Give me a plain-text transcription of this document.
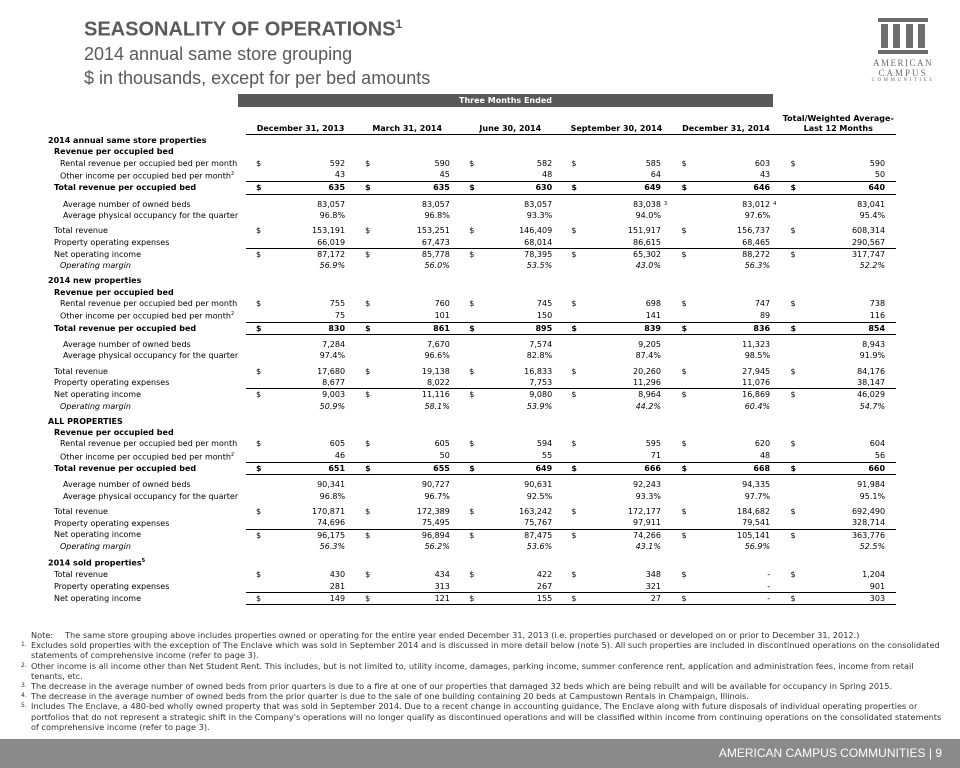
SEASONALITY OF OPERATIONS$^1$
2014 annual same store grouping
$ in thousands, except for per bed amounts
AMERICAN
CAMPUS
COMMUNITIES
Three Months Ended
	December 31, 2013			March 31, 2014			June 30, 2014			September 30, 2014			December 31, 2014			Total/Weighted Average-
Last 12 Months		

2014 annual same store properties																		
Revenue per occupied bed																		
Rental revenue per occupied bed per month	$	592		$	590		$	582		$	585		$	603		$	590	
Other income per occupied bed per month$^2$		43			45			48			64			43			50	
Total revenue per occupied bed	$	635		$	635		$	630		$	649		$	646		$	640	

Average number of owned beds		83,057			83,057			83,057			83,038	3		83,012	4		83,041	
Average physical occupancy for the quarter		96.8%			96.8%			93.3%			94.0%			97.6%			95.4%	

Total revenue	$	153,191		$	153,251		$	146,409		$	151,917		$	156,737		$	608,314	
Property operating expenses		66,019			67,473			68,014			86,615			68,465			290,567	
Net operating income	$	87,172		$	85,778		$	78,395		$	65,302		$	88,272		$	317,747	
Operating margin		56.9%			56.0%			53.5%			43.0%			56.3%			52.2%	

2014 new properties																		
Revenue per occupied bed																		
Rental revenue per occupied bed per month	$	755		$	760		$	745		$	698		$	747		$	738	
Other income per occupied bed per month$^2$		75			101			150			141			89			116	
Total revenue per occupied bed	$	830		$	861		$	895		$	839		$	836		$	854	

Average number of owned beds		7,284			7,670			7,574			9,205			11,323			8,943	
Average physical occupancy for the quarter		97.4%			96.6%			82.8%			87.4%			98.5%			91.9%	

Total revenue	$	17,680		$	19,138		$	16,833		$	20,260		$	27,945		$	84,176	
Property operating expenses		8,677			8,022			7,753			11,296			11,076			38,147	
Net operating income	$	9,003		$	11,116		$	9,080		$	8,964		$	16,869		$	46,029	
Operating margin		50.9%			58.1%			53.9%			44.2%			60.4%			54.7%	

ALL PROPERTIES																		
Revenue per occupied bed																		
Rental revenue per occupied bed per month	$	605		$	605		$	594		$	595		$	620		$	604	
Other income per occupied bed per month$^2$		46			50			55			71			48			56	
Total revenue per occupied bed	$	651		$	655		$	649		$	666		$	668		$	660	

Average number of owned beds		90,341			90,727			90,631			92,243			94,335			91,984	
Average physical occupancy for the quarter		96.8%			96.7%			92.5%			93.3%			97.7%			95.1%	

Total revenue	$	170,871		$	172,389		$	163,242		$	172,177		$	184,682		$	692,490	
Property operating expenses		74,696			75,495			75,767			97,911			79,541			328,714	
Net operating income	$	96,175		$	96,894		$	87,475		$	74,266		$	105,141		$	363,776	
Operating margin		56.3%			56.2%			53.6%			43.1%			56.9%			52.5%	

2014 sold properties$^5$
Total revenue	$	430		$	434		$	422		$	348		$	-		$	1,204	
Property operating expenses		281			313			267			321			-			901	
Net operating income	$	149		$	121		$	155		$	27		$	-		$	303	
Note:	The same store grouping above includes properties owned or operating for the entire year ended December 31, 2013 (i.e. properties purchased or developed on or prior to December 31, 2012.)
1. Excludes sold properties with the exception of The Enclave which was sold in September 2014 and is discussed in more detail below (note 5). All such properties are included in discontinued operations on the consolidated statements of comprehensive income (refer to page 3).
2. Other income is all income other than Net Student Rent. This includes, but is not limited to, utility income, damages, parking income, summer conference rent, application and administration fees, income from retail tenants, etc.
3. The decrease in the average number of owned beds from prior quarters is due to a fire at one of our properties that damaged 32 beds which are being rebuilt and will be available for occupancy in Spring 2015.
4. The decrease in the average number of owned beds from the prior quarter is due to the sale of one building containing 20 beds at Campustown Rentals in Champaign, Illinois.
5. Includes The Enclave, a 480-bed wholly owned property that was sold in September 2014. Due to a recent change in accounting guidance, The Enclave along with future disposals of individual operating properties or portfolios that do not represent a strategic shift in the Company's operations will no longer qualify as discontinued operations and will be classified within income from continuing operations on the consolidated statements of comprehensive income (refer to page 3).
AMERICAN CAMPUS COMMUNITIES | 9
